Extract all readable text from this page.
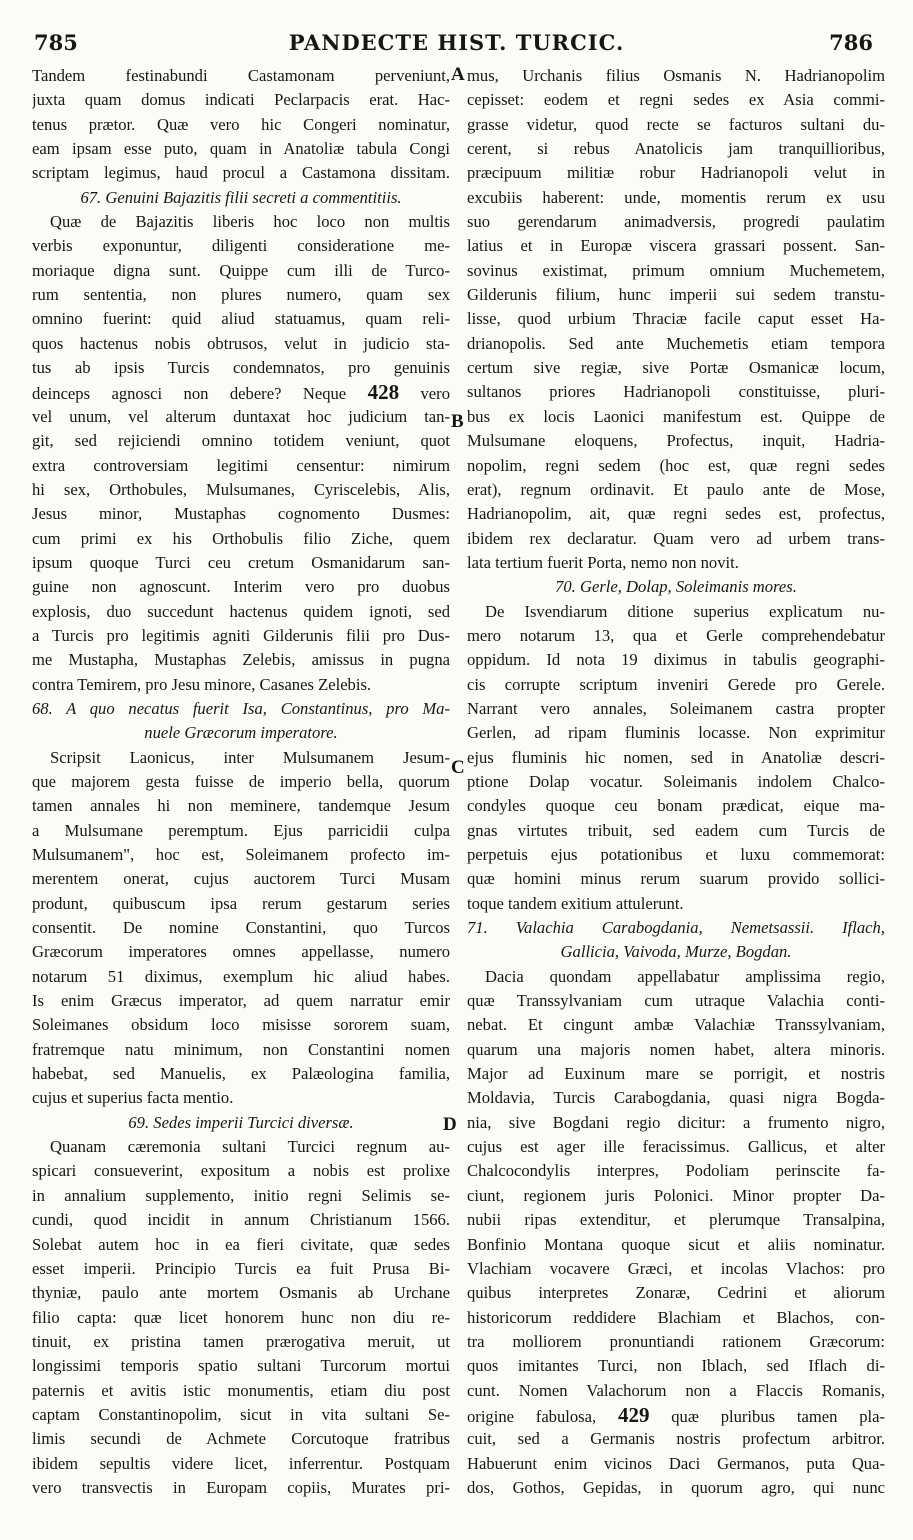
785	PANDECTE HIST. TURCIC.	786
A
B
C
D
Tandem festinabundi Castamonam perveniunt,
juxta quam domus indicati Peclarpacis erat. Hac-
tenus prætor. Quæ vero hic Congeri nominatur,
eam ipsam esse puto, quam in Anatoliæ tabula Congi
scriptam legimus, haud procul a Castamona dissitam.
67. Genuini Bajazitis filii secreti a commentitiis.
Quæ de Bajazitis liberis hoc loco non multis
verbis exponuntur, diligenti consideratione me-
moriaque digna sunt. Quippe cum illi de Turco-
rum sententia, non plures numero, quam sex
omnino fuerint: quid aliud statuamus, quam reli-
quos hactenus nobis obtrusos, velut in judicio sta-
tus ab ipsis Turcis condemnatos, pro genuinis
deinceps agnosci non debere? Neque 428 vero
vel unum, vel alterum duntaxat hoc judicium tan-
git, sed rejiciendi omnino totidem veniunt, quot
extra controversiam legitimi censentur: nimirum
hi sex, Orthobules, Mulsumanes, Cyriscelebis, Alis,
Jesus minor, Mustaphas cognomento Dusmes:
cum primi ex his Orthobulis filio Ziche, quem
ipsum quoque Turci ceu cretum Osmanidarum san-
guine non agnoscunt. Interim vero pro duobus
explosis, duo succedunt hactenus quidem ignoti, sed
a Turcis pro legitimis agniti Gilderunis filii pro Dus-
me Mustapha, Mustaphas Zelebis, amissus in pugna
contra Temirem, pro Jesu minore, Casanes Zelebis.
68. A quo necatus fuerit Isa, Constantinus, pro Ma-
nuele Græcorum imperatore.
Scripsit Laonicus, inter Mulsumanem Jesum-
que majorem gesta fuisse de imperio bella, quorum
tamen annales hi non meminere, tandemque Jesum
a Mulsumane peremptum. Ejus parricidii culpa
Mulsumanem", hoc est, Soleimanem profecto im-
merentem onerat, cujus auctorem Turci Musam
produnt, quibuscum ipsa rerum gestarum series
consentit. De nomine Constantini, quo Turcos
Græcorum imperatores omnes appellasse, numero
notarum 51 diximus, exemplum hic aliud habes.
Is enim Græcus imperator, ad quem narratur emir
Soleimanes obsidum loco misisse sororem suam,
fratremque natu minimum, non Constantini nomen
habebat, sed Manuelis, ex Palæologina familia,
cujus et superius facta mentio.
69. Sedes imperii Turcici diversæ.
Quanam cæremonia sultani Turcici regnum au-
spicari consueverint, expositum a nobis est prolixe
in annalium supplemento, initio regni Selimis se-
cundi, quod incidit in annum Christianum 1566.
Solebat autem hoc in ea fieri civitate, quæ sedes
esset imperii. Principio Turcis ea fuit Prusa Bi-
thyniæ, paulo ante mortem Osmanis ab Urchane
filio capta: quæ licet honorem hunc non diu re-
tinuit, ex pristina tamen prærogativa meruit, ut
longissimi temporis spatio sultani Turcorum mortui
paternis et avitis istic monumentis, etiam diu post
captam Constantinopolim, sicut in vita sultani Se-
limis secundi de Achmete Corcutoque fratribus
ibidem sepultis videre licet, inferrentur. Postquam
vero transvectis in Europam copiis, Murates pri-
mus, Urchanis filius Osmanis N. Hadrianopolim
cepisset: eodem et regni sedes ex Asia commi-
grasse videtur, quod recte se facturos sultani du-
cerent, si rebus Anatolicis jam tranquillioribus,
præcipuum militiæ robur Hadrianopoli velut in
excubiis haberent: unde, momentis rerum ex usu
suo gerendarum animadversis, progredi paulatim
latius et in Europæ viscera grassari possent. San-
sovinus existimat, primum omnium Muchemetem,
Gilderunis filium, hunc imperii sui sedem transtu-
lisse, quod urbium Thraciæ facile caput esset Ha-
drianopolis. Sed ante Muchemetis etiam tempora
certum sive regiæ, sive Portæ Osmanicæ locum,
sultanos priores Hadrianopoli constituisse, pluri-
bus ex locis Laonici manifestum est. Quippe de
Mulsumane eloquens, Profectus, inquit, Hadria-
nopolim, regni sedem (hoc est, quæ regni sedes
erat), regnum ordinavit. Et paulo ante de Mose,
Hadrianopolim, ait, quæ regni sedes est, profectus,
ibidem rex declaratur. Quam vero ad urbem trans-
lata tertium fuerit Porta, nemo non novit.
70. Gerle, Dolap, Soleimanis mores.
De Isvendiarum ditione superius explicatum nu-
mero notarum 13, qua et Gerle comprehendebatur
oppidum. Id nota 19 diximus in tabulis geographi-
cis corrupte scriptum inveniri Gerede pro Gerele.
Narrant vero annales, Soleimanem castra propter
Gerlen, ad ripam fluminis locasse. Non exprimitur
ejus fluminis hic nomen, sed in Anatoliæ descri-
ptione Dolap vocatur. Soleimanis indolem Chalco-
condyles quoque ceu bonam prædicat, eique ma-
gnas virtutes tribuit, sed eadem cum Turcis de
perpetuis ejus potationibus et luxu commemorat:
quæ homini minus rerum suarum provido sollici-
toque tandem exitium attulerunt.
71. Valachia Carabogdania, Nemetsassii. Iflach,
Gallicia, Vaivoda, Murze, Bogdan.
Dacia quondam appellabatur amplissima regio,
quæ Transsylvaniam cum utraque Valachia conti-
nebat. Et cingunt ambæ Valachiæ Transsylvaniam,
quarum una majoris nomen habet, altera minoris.
Major ad Euxinum mare se porrigit, et nostris
Moldavia, Turcis Carabogdania, quasi nigra Bogda-
nia, sive Bogdani regio dicitur: a frumento nigro,
cujus est ager ille feracissimus. Gallicus, et alter
Chalcocondylis interpres, Podoliam perinscite fa-
ciunt, regionem juris Polonici. Minor propter Da-
nubii ripas extenditur, et plerumque Transalpina,
Bonfinio Montana quoque sicut et aliis nominatur.
Vlachiam vocavere Græci, et incolas Vlachos: pro
quibus interpretes Zonaræ, Cedrini et aliorum
historicorum reddidere Blachiam et Blachos, con-
tra molliorem pronuntiandi rationem Græcorum:
quos imitantes Turci, non Iblach, sed Iflach di-
cunt. Nomen Valachorum non a Flaccis Romanis,
origine fabulosa, 429 quæ pluribus tamen pla-
cuit, sed a Germanis nostris profectum arbitror.
Habuerunt enim vicinos Daci Germanos, puta Qua-
dos, Gothos, Gepidas, in quorum agro, qui nunc
